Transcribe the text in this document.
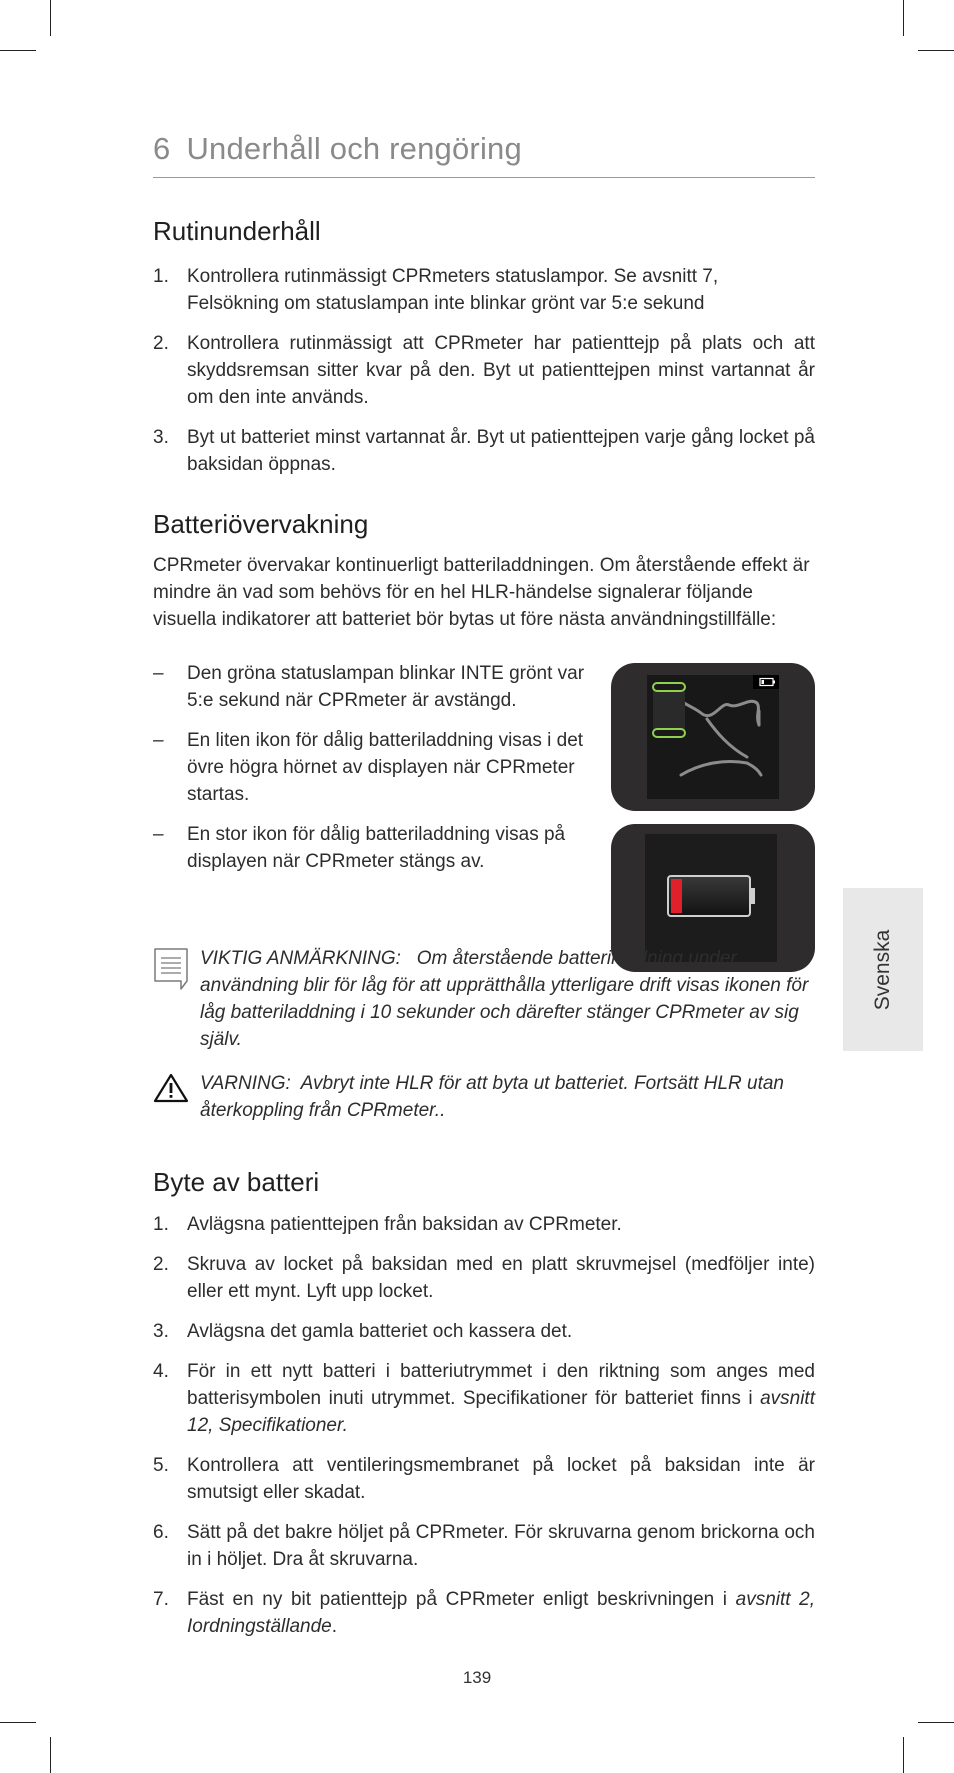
6 Underhåll och rengöring
Rutinunderhåll
1. Kontrollera rutinmässigt CPRmeters statuslampor. Se avsnitt 7, Felsökning om statuslampan inte blinkar grönt var 5:e sekund
2. Kontrollera rutinmässigt att CPRmeter har patienttejp på plats och att skyddsremsan sitter kvar på den. Byt ut patienttejpen minst vartannat år om den inte används.
3. Byt ut batteriet minst vartannat år. Byt ut patienttejpen varje gång locket på baksidan öppnas.
Batteriövervakning

CPRmeter övervakar kontinuerligt batteriladdningen. Om återstående effekt är mindre än vad som behövs för en hel HLR-händelse signalerar följande visuella indikatorer att batteriet bör bytas ut före nästa användningstillfälle:

–	Den gröna statuslampan blinkar INTE grönt var 5:e sekund när CPRmeter är avstängd.
–	En liten ikon för dålig batteriladdning visas i det övre högra hörnet av displayen när CPRmeter startas.
–	En stor ikon för dålig batteriladdning visas på displayen när CPRmeter stängs av.

VIKTIG ANMÄRKNING: Om återstående batteriladdning under användning blir för låg för att upprätthålla ytterligare drift visas ikonen för låg batteriladdning i 10 sekunder och därefter stänger CPRmeter av sig själv.

VARNING: Avbryt inte HLR för att byta ut batteriet. Fortsätt HLR utan återkoppling från CPRmeter..

Byte av batteri
1. Avlägsna patienttejpen från baksidan av CPRmeter.
2. Skruva av locket på baksidan med en platt skruvmejsel (medföljer inte) eller ett mynt. Lyft upp locket.
3. Avlägsna det gamla batteriet och kassera det.
4. För in ett nytt batteri i batteriutrymmet i den riktning som anges med batterisymbolen inuti utrymmet. Specifikationer för batteriet finns i avsnitt 12, Specifikationer.
5. Kontrollera att ventileringsmembranet på locket på baksidan inte är smutsigt eller skadat.
6. Sätt på det bakre höljet på CPRmeter. För skruvarna genom brickorna och in i höljet. Dra åt skruvarna.
7. Fäst en ny bit patienttejp på CPRmeter enligt beskrivningen i avsnitt 2, Iordningställande.
Svenska
139
